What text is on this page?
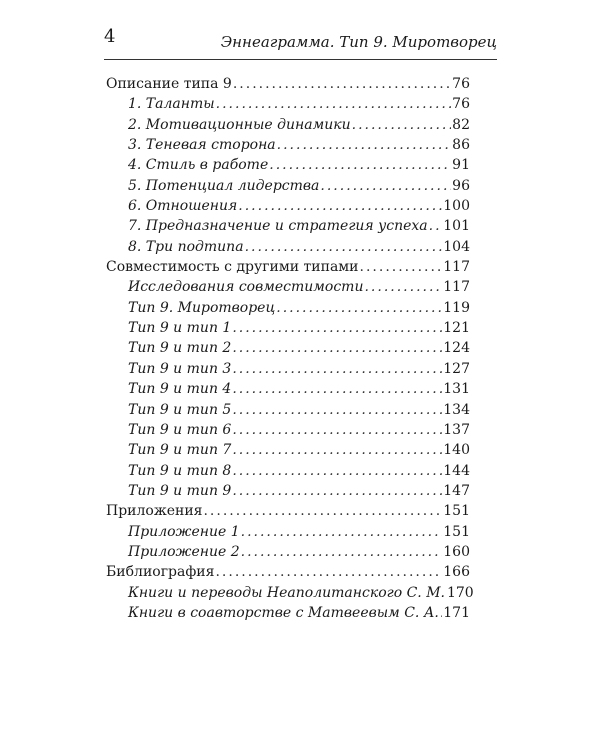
4	Эннеаграмма. Тип 9. Миротворец
Описание типа 9 .....	76
1. Таланты .....	76
2. Мотивационные динамики .....	82
3. Теневая сторона .....	86
4. Стиль в работе .....	91
5. Потенциал лидерства .....	96
6. Отношения .....	100
7. Предназначение и стратегия успеха ..... 101
8. Три подтипа .....	104
Совместимость с другими типами .....	117
Исследования совместимости .....	117
Тип 9. Миротворец .....	119
Тип 9 и тип 1 .....	121
Тип 9 и тип 2 .....	124
Тип 9 и тип 3 .....	127
Тип 9 и тип 4 .....	131
Тип 9 и тип 5 .....	134
Тип 9 и тип 6 .....	137
Тип 9 и тип 7 .....	140
Тип 9 и тип 8 .....	144
Тип 9 и тип 9 .....	147
Приложения .....	151
Приложение 1 .....	151
Приложение 2 .....	160
Библиография .....	166
Книги и переводы Неаполитанского С. М. 170
Книги в соавторстве с Матвеевым С. А. ..... 171
